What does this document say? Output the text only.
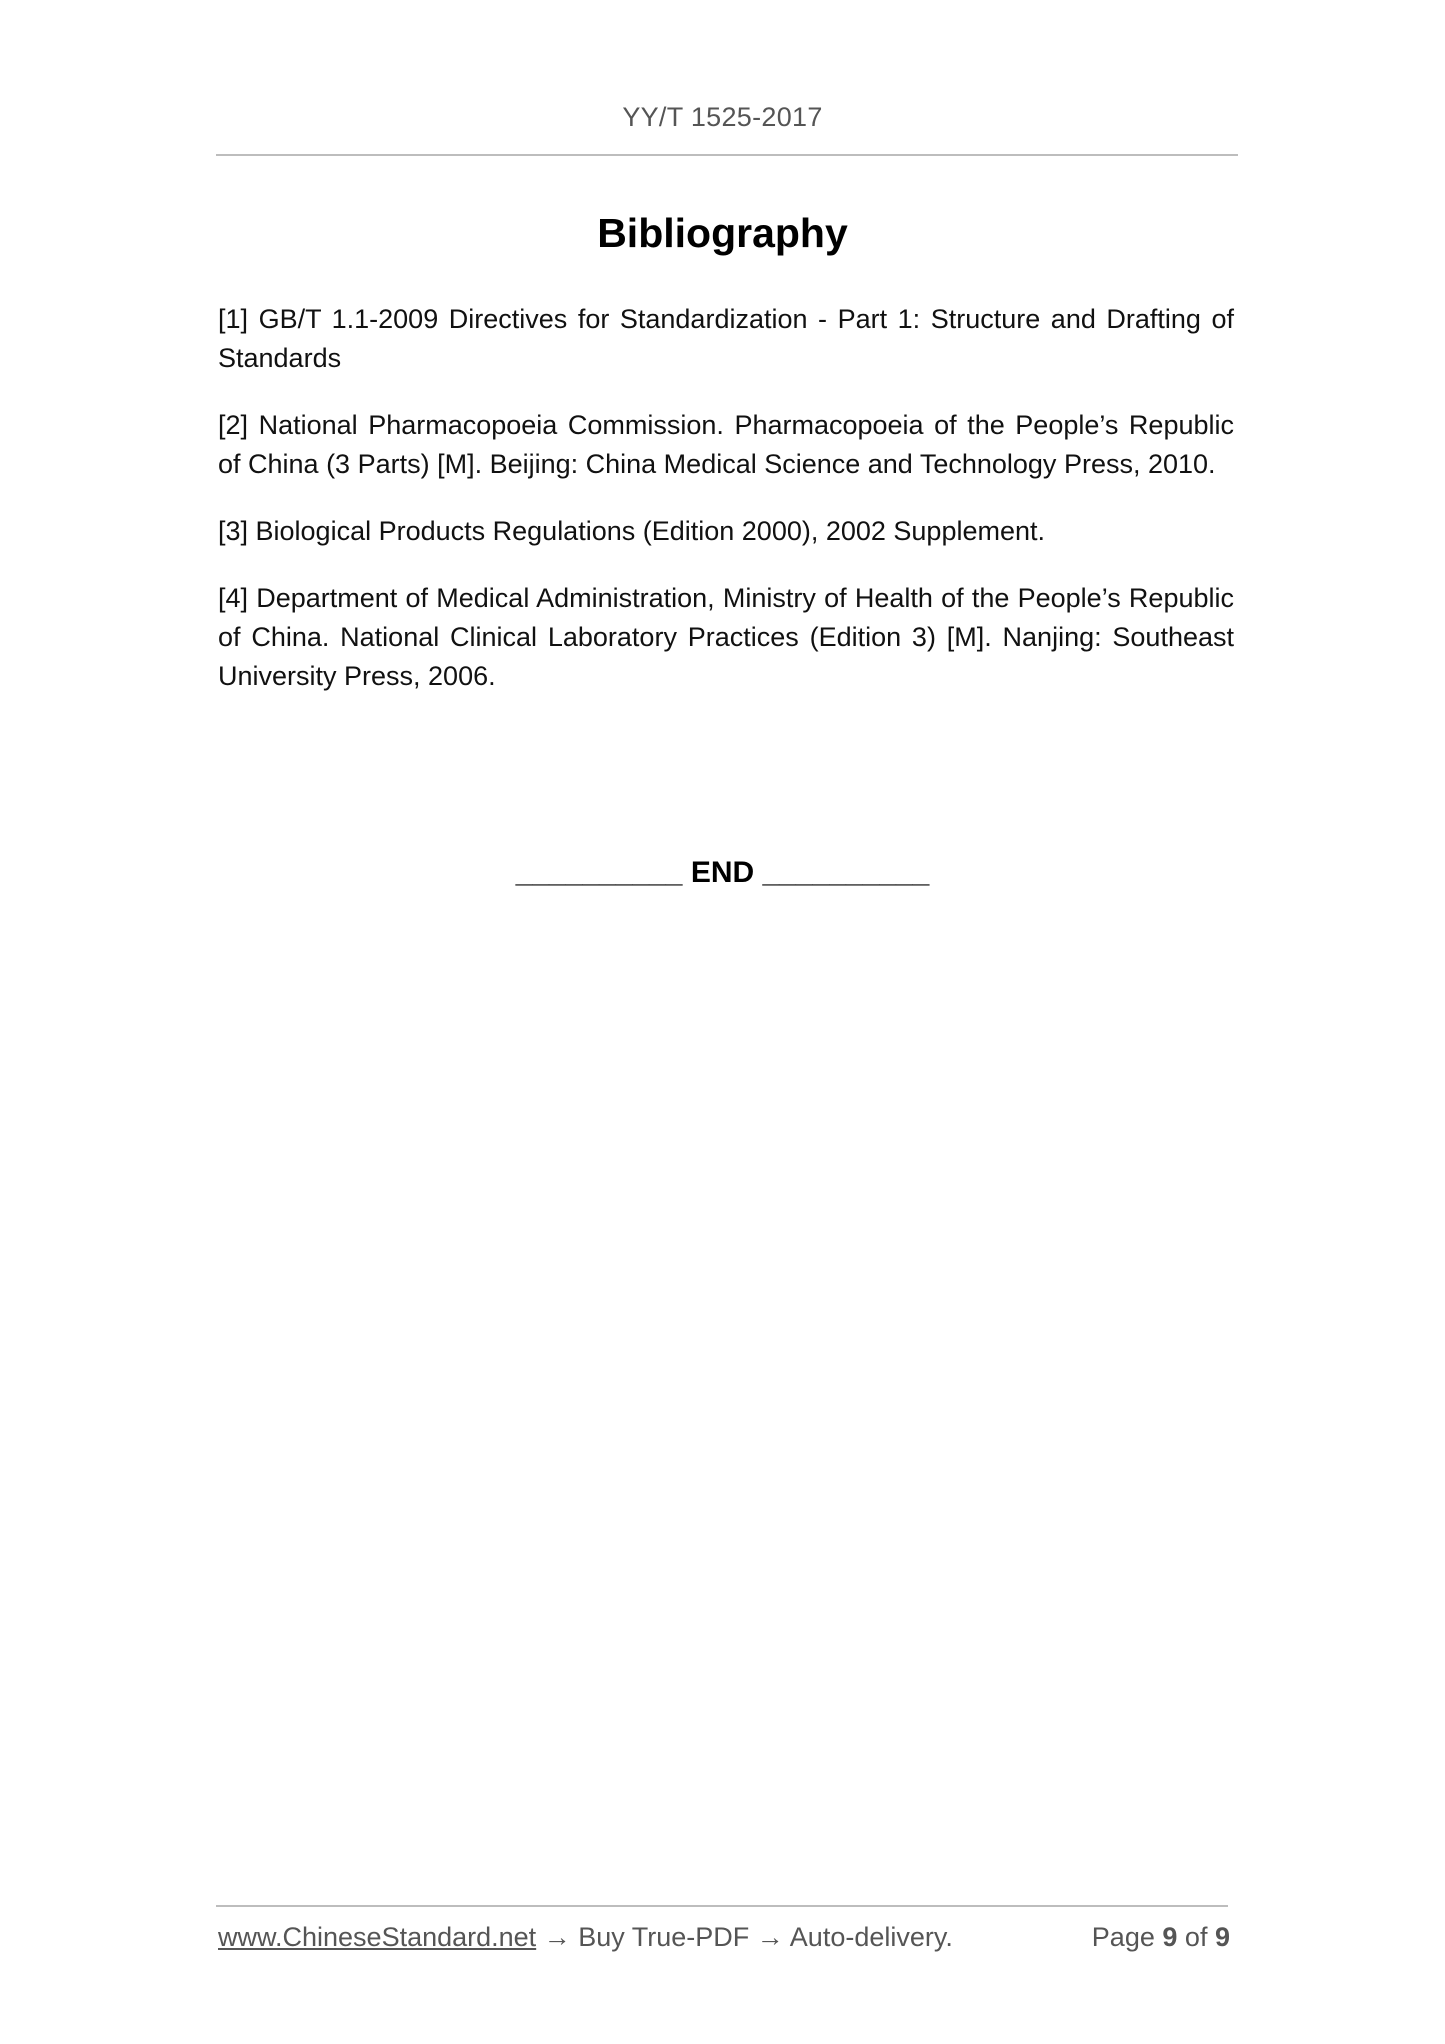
YY/T 1525-2017
Bibliography

[1] GB/T 1.1-2009 Directives for Standardization - Part 1: Structure and Drafting of Standards

[2] National Pharmacopoeia Commission. Pharmacopoeia of the People’s Republic of China (3 Parts) [M]. Beijing: China Medical Science and Technology Press, 2010.

[3] Biological Products Regulations (Edition 2000), 2002 Supplement.

[4] Department of Medical Administration, Ministry of Health of the People’s Republic of China. National Clinical Laboratory Practices (Edition 3) [M]. Nanjing: Southeast University Press, 2006.

__________ END __________
www.ChineseStandard.net → Buy True-PDF → Auto-delivery.	Page 9 of 9
